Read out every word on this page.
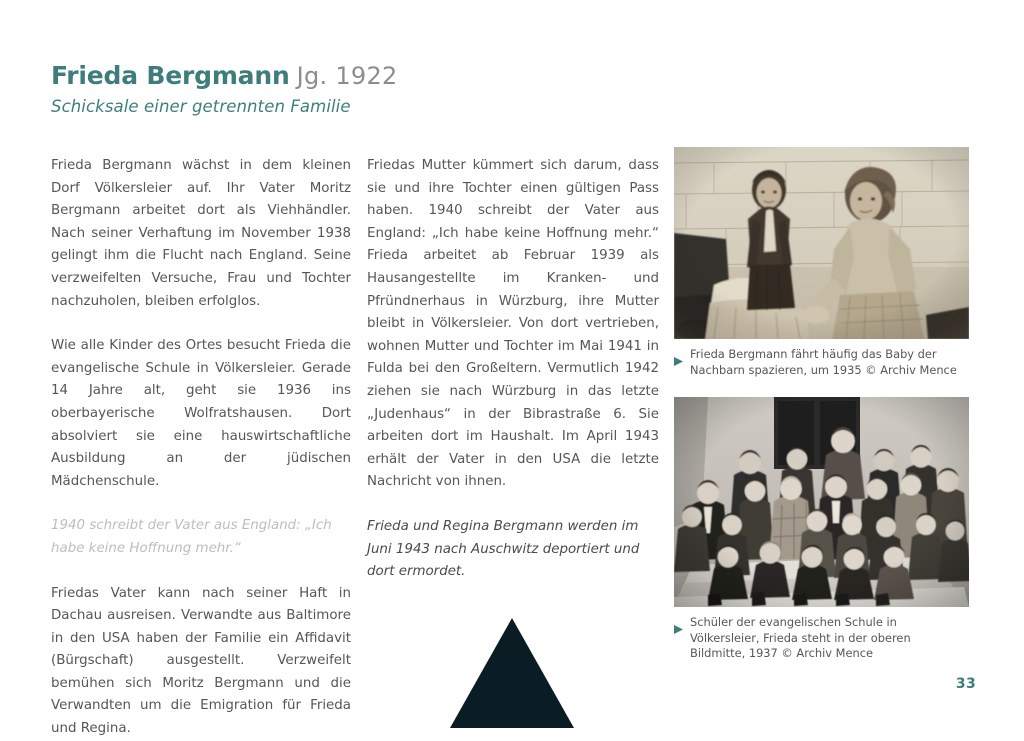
Frieda Bergmann Jg. 1922
Schicksale einer getrennten Familie

Frieda Bergmann wächst in dem kleinen Dorf Völkersleier auf. Ihr Vater Moritz Bergmann arbeitet dort als Viehhändler. Nach seiner Verhaftung im November 1938 gelingt ihm die Flucht nach England. Seine verzweifelten Versuche, Frau und Tochter nachzuholen, bleiben erfolglos.

Wie alle Kinder des Ortes besucht Frieda die evangelische Schule in Völkersleier. Gerade 14 Jahre alt, geht sie 1936 ins oberbayerische Wolfratshausen. Dort absolviert sie eine hauswirtschaftliche Ausbildung an der jüdischen Mädchenschule.

1940 schreibt der Vater aus England: „Ich habe keine Hoffnung mehr.“

Friedas Vater kann nach seiner Haft in Dachau ausreisen. Verwandte aus Baltimore in den USA haben der Familie ein Affidavit (Bürgschaft) ausgestellt. Verzweifelt bemühen sich Moritz Bergmann und die Verwandten um die Emigration für Frieda und Regina.

Friedas Mutter kümmert sich darum, dass sie und ihre Tochter einen gültigen Pass haben. 1940 schreibt der Vater aus England: „Ich habe keine Hoffnung mehr.“ Frieda arbeitet ab Februar 1939 als Hausangestellte im Kranken- und Pfründnerhaus in Würzburg, ihre Mutter bleibt in Völkersleier. Von dort vertrieben, wohnen Mutter und Tochter im Mai 1941 in Fulda bei den Großeltern. Vermutlich 1942 ziehen sie nach Würzburg in das letzte „Judenhaus“ in der Bibrastraße 6. Sie arbeiten dort im Haushalt. Im April 1943 erhält der Vater in den USA die letzte Nachricht von ihnen.

Frieda und Regina Bergmann werden im Juni 1943 nach Auschwitz deportiert und dort ermordet.

Frieda Bergmann fährt häufig das Baby der Nachbarn spazieren, um 1935 © Archiv Mence
Schüler der evangelischen Schule in Völkersleier, Frieda steht in der oberen Bildmitte, 1937 © Archiv Mence
33
